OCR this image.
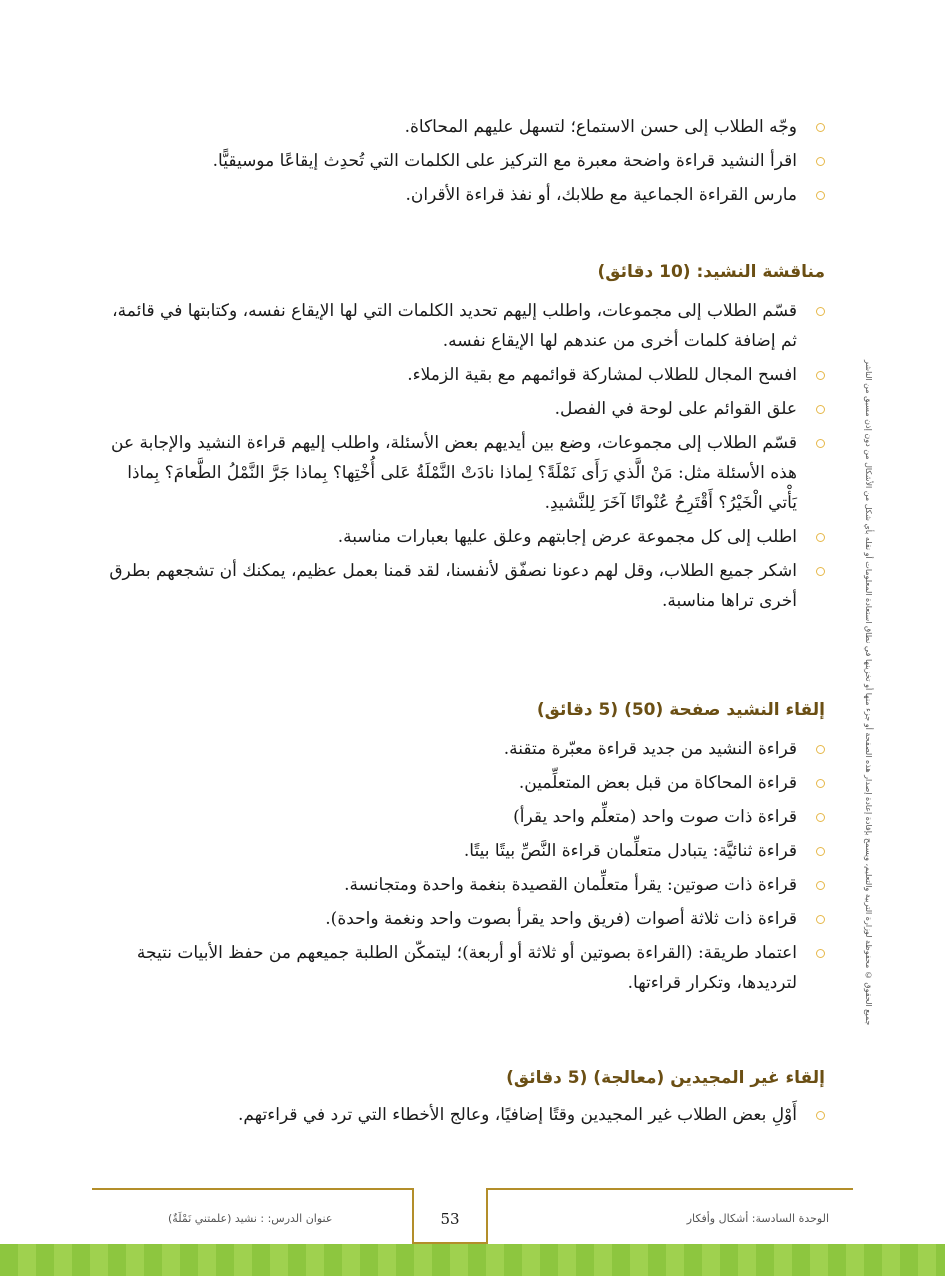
وجّه الطلاب إلى حسن الاستماع؛ لتسهل عليهم المحاكاة.
اقرأ النشيد قراءة واضحة معبرة مع التركيز على الكلمات التي تُحدِث إيقاعًا موسيقيًّا.
مارس القراءة الجماعية مع طلابك، أو نفذ قراءة الأقران.
مناقشة النشيد: (10 دقائق)
قسّم الطلاب إلى مجموعات، واطلب إليهم تحديد الكلمات التي لها الإيقاع نفسه، وكتابتها في قائمة، ثم إضافة كلمات أخرى من عندهم لها الإيقاع نفسه.
افسح المجال للطلاب لمشاركة قوائمهم مع بقية الزملاء.
علق القوائم على لوحة في الفصل.
قسّم الطلاب إلى مجموعات، وضع بين أيديهم بعض الأسئلة، واطلب إليهم قراءة النشيد والإجابة عن هذه الأسئلة مثل: مَنْ الَّذي رَأَى نَمْلَةً؟ لِماذا نادَتْ النَّمْلَةُ عَلى أُخْتِها؟ بِماذا جَرَّ النَّمْلُ الطَّعامَ؟ بِماذا يَأْتي الْخَيْرُ؟ أَقْتَرِحُ عُنْوانًا آخَرَ لِلنَّشيدِ.
اطلب إلى كل مجموعة عرض إجابتهم وعلق عليها بعبارات مناسبة.
اشكر جميع الطلاب، وقل لهم دعونا نصفّق لأنفسنا، لقد قمنا بعمل عظيم، يمكنك أن تشجعهم بطرق أخرى تراها مناسبة.
إلقاء النشيد صفحة (50) (5 دقائق)
قراءة النشيد من جديد قراءة معبّرة متقنة.
قراءة المحاكاة من قبل بعض المتعلِّمين.
قراءة ذات صوت واحد (متعلِّم واحد يقرأ)
قراءة ثنائيَّة: يتبادل متعلِّمان قراءة النَّصِّ بيتًا بيتًا.
قراءة ذات صوتين: يقرأ متعلِّمان القصيدة بنغمة واحدة ومتجانسة.
قراءة ذات ثلاثة أصوات (فريق واحد يقرأ بصوت واحد ونغمة واحدة).
اعتماد طريقة: (القراءة بصوتين أو ثلاثة أو أربعة)؛ ليتمكّن الطلبة جميعهم من حفظ الأبيات نتيجة لترديدها، وتكرار قراءتها.
إلقاء غير المجيدين (معالجة) (5 دقائق)
أَوْلِ بعض الطلاب غير المجيدين وقتًا إضافيًا، وعالج الأخطاء التي ترد في قراءتهم.
جميع الحقوق © محفوظة لوزارة التربية والتعليم، ويسمح بإفادة إعادة إصدار هذه الصفحة أو جزء منها أو تخزينها في نطاق استعادة المعلومات أو نقله بأي شكل من الأشكال من دون إذن مسبق من الناشر
53	الوحدة السادسة: أشكال وأفكار
عنوان الدرس: : نشيد (علمتني نَمْلَةٌ)
